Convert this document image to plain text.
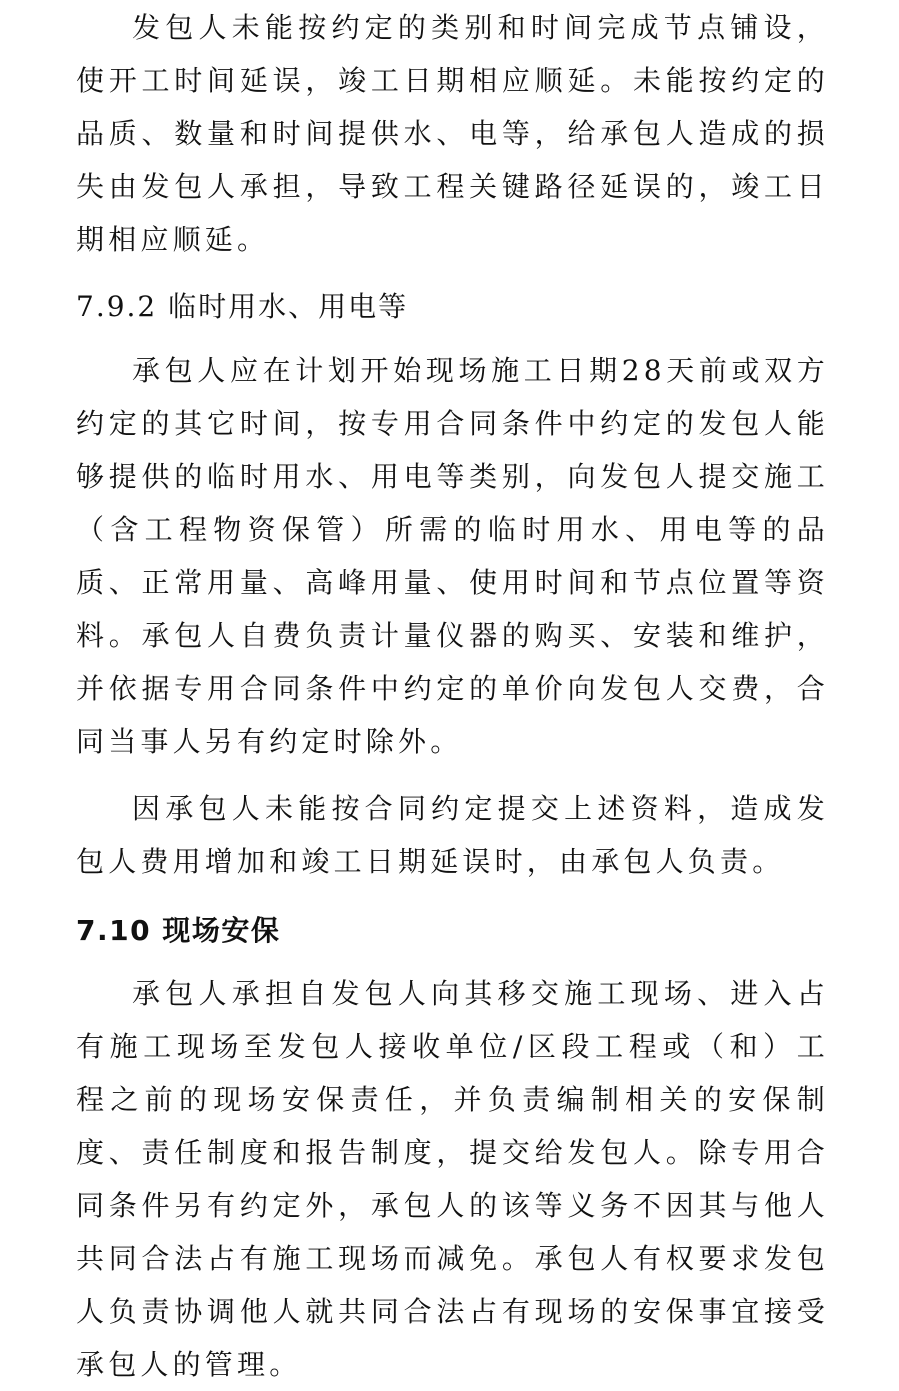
发包人未能按约定的类别和时间完成节点铺设，使开工时间延误，竣工日期相应顺延。未能按约定的品质、数量和时间提供水、电等，给承包人造成的损失由发包人承担，导致工程关键路径延误的，竣工日期相应顺延。

7.9.2 临时用水、用电等

承包人应在计划开始现场施工日期28天前或双方约定的其它时间，按专用合同条件中约定的发包人能够提供的临时用水、用电等类别，向发包人提交施工（含工程物资保管）所需的临时用水、用电等的品质、正常用量、高峰用量、使用时间和节点位置等资料。承包人自费负责计量仪器的购买、安装和维护，并依据专用合同条件中约定的单价向发包人交费，合同当事人另有约定时除外。

因承包人未能按合同约定提交上述资料，造成发包人费用增加和竣工日期延误时，由承包人负责。

7.10 现场安保

承包人承担自发包人向其移交施工现场、进入占有施工现场至发包人接收单位/区段工程或（和）工程之前的现场安保责任，并负责编制相关的安保制度、责任制度和报告制度，提交给发包人。除专用合同条件另有约定外，承包人的该等义务不因其与他人共同合法占有施工现场而减免。承包人有权要求发包人负责协调他人就共同合法占有现场的安保事宜接受承包人的管理。
